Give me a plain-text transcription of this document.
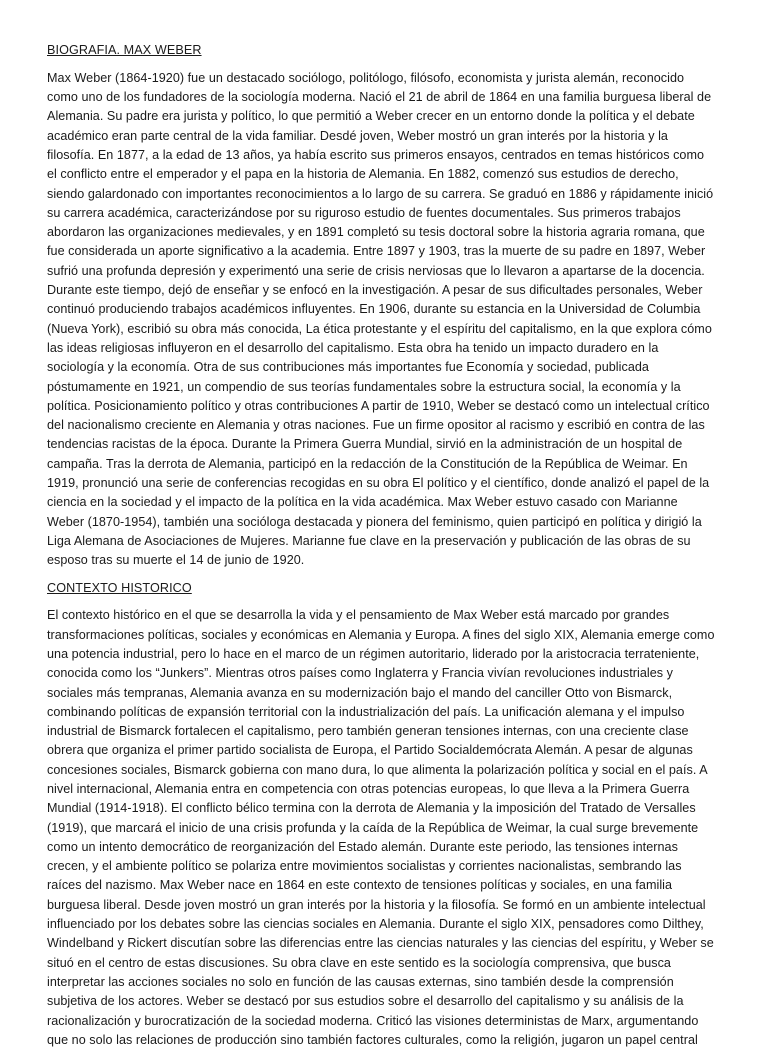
BIOGRAFIA. MAX WEBER

Max Weber (1864-1920) fue un destacado sociólogo, politólogo, filósofo, economista y jurista alemán, reconocido como uno de los fundadores de la sociología moderna. Nació el 21 de abril de 1864 en una familia burguesa liberal de Alemania. Su padre era jurista y político, lo que permitió a Weber crecer en un entorno donde la política y el debate académico eran parte central de la vida familiar. Desdé joven, Weber mostró un gran interés por la historia y la filosofía. En 1877, a la edad de 13 años, ya había escrito sus primeros ensayos, centrados en temas históricos como el conflicto entre el emperador y el papa en la historia de Alemania. En 1882, comenzó sus estudios de derecho, siendo galardonado con importantes reconocimientos a lo largo de su carrera. Se graduó en 1886 y rápidamente inició su carrera académica, caracterizándose por su riguroso estudio de fuentes documentales. Sus primeros trabajos abordaron las organizaciones medievales, y en 1891 completó su tesis doctoral sobre la historia agraria romana, que fue considerada un aporte significativo a la academia. Entre 1897 y 1903, tras la muerte de su padre en 1897, Weber sufrió una profunda depresión y experimentó una serie de crisis nerviosas que lo llevaron a apartarse de la docencia. Durante este tiempo, dejó de enseñar y se enfocó en la investigación. A pesar de sus dificultades personales, Weber continuó produciendo trabajos académicos influyentes. En 1906, durante su estancia en la Universidad de Columbia (Nueva York), escribió su obra más conocida, La ética protestante y el espíritu del capitalismo, en la que explora cómo las ideas religiosas influyeron en el desarrollo del capitalismo. Esta obra ha tenido un impacto duradero en la sociología y la economía. Otra de sus contribuciones más importantes fue Economía y sociedad, publicada póstumamente en 1921, un compendio de sus teorías fundamentales sobre la estructura social, la economía y la política. Posicionamiento político y otras contribuciones A partir de 1910, Weber se destacó como un intelectual crítico del nacionalismo creciente en Alemania y otras naciones. Fue un firme opositor al racismo y escribió en contra de las tendencias racistas de la época. Durante la Primera Guerra Mundial, sirvió en la administración de un hospital de campaña. Tras la derrota de Alemania, participó en la redacción de la Constitución de la República de Weimar. En 1919, pronunció una serie de conferencias recogidas en su obra El político y el científico, donde analizó el papel de la ciencia en la sociedad y el impacto de la política en la vida académica. Max Weber estuvo casado con Marianne Weber (1870-1954), también una socióloga destacada y pionera del feminismo, quien participó en política y dirigió la Liga Alemana de Asociaciones de Mujeres. Marianne fue clave en la preservación y publicación de las obras de su esposo tras su muerte el 14 de junio de 1920.

CONTEXTO HISTORICO

El contexto histórico en el que se desarrolla la vida y el pensamiento de Max Weber está marcado por grandes transformaciones políticas, sociales y económicas en Alemania y Europa. A fines del siglo XIX, Alemania emerge como una potencia industrial, pero lo hace en el marco de un régimen autoritario, liderado por la aristocracia terrateniente, conocida como los “Junkers”. Mientras otros países como Inglaterra y Francia vivían revoluciones industriales y sociales más tempranas, Alemania avanza en su modernización bajo el mando del canciller Otto von Bismarck, combinando políticas de expansión territorial con la industrialización del país. La unificación alemana y el impulso industrial de Bismarck fortalecen el capitalismo, pero también generan tensiones internas, con una creciente clase obrera que organiza el primer partido socialista de Europa, el Partido Socialdemócrata Alemán. A pesar de algunas concesiones sociales, Bismarck gobierna con mano dura, lo que alimenta la polarización política y social en el país. A nivel internacional, Alemania entra en competencia con otras potencias europeas, lo que lleva a la Primera Guerra Mundial (1914-1918). El conflicto bélico termina con la derrota de Alemania y la imposición del Tratado de Versalles (1919), que marcará el inicio de una crisis profunda y la caída de la República de Weimar, la cual surge brevemente como un intento democrático de reorganización del Estado alemán. Durante este periodo, las tensiones internas crecen, y el ambiente político se polariza entre movimientos socialistas y corrientes nacionalistas, sembrando las raíces del nazismo. Max Weber nace en 1864 en este contexto de tensiones políticas y sociales, en una familia burguesa liberal. Desde joven mostró un gran interés por la historia y la filosofía. Se formó en un ambiente intelectual influenciado por los debates sobre las ciencias sociales en Alemania. Durante el siglo XIX, pensadores como Dilthey, Windelband y Rickert discutían sobre las diferencias entre las ciencias naturales y las ciencias del espíritu, y Weber se situó en el centro de estas discusiones. Su obra clave en este sentido es la sociología comprensiva, que busca interpretar las acciones sociales no solo en función de las causas externas, sino también desde la comprensión subjetiva de los actores. Weber se destacó por sus estudios sobre el desarrollo del capitalismo y su análisis de la racionalización y burocratización de la sociedad moderna. Criticó las visiones deterministas de Marx, argumentando que no solo las relaciones de producción sino también factores culturales, como la religión, jugaron un papel central
